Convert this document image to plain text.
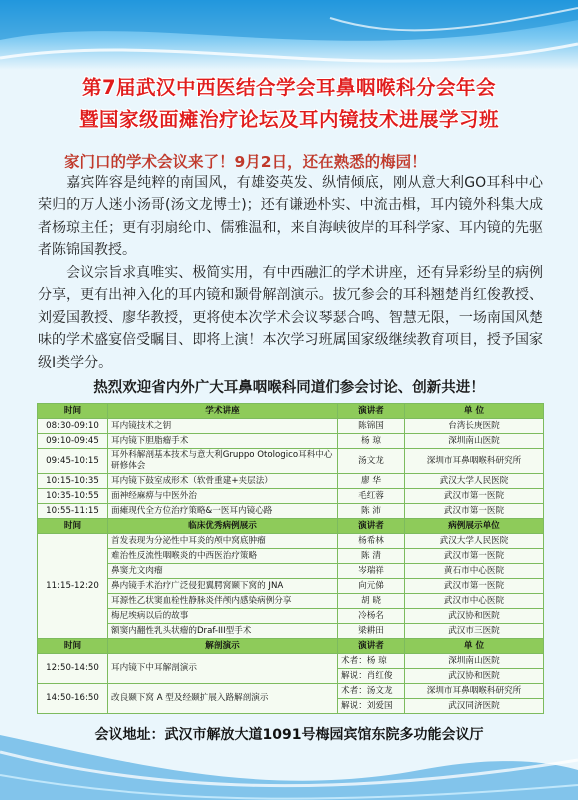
第7届武汉中西医结合学会耳鼻咽喉科分会年会
暨国家级面瘫治疗论坛及耳内镜技术进展学习班
家门口的学术会议来了！9月2日，还在熟悉的梅园！
嘉宾阵容是纯粹的南国风，有雄姿英发、纵情倾底，刚从意大利GO耳科中心荣归的万人迷小汤哥(汤文龙博士)；还有谦逊朴实、中流击楫，耳内镜外科集大成者杨琼主任；更有羽扇纶巾、儒雅温和，来自海峡彼岸的耳科学家、耳内镜的先驱者陈锦国教授。
会议宗旨求真唯实、极简实用，有中西融汇的学术讲座，还有异彩纷呈的病例分享，更有出神入化的耳内镜和颞骨解剖演示。拔冗参会的耳科翘楚肖红俊教授、刘爱国教授、廖华教授，更将使本次学术会议琴瑟合鸣、智慧无限，一场南国风楚味的学术盛宴倍受瞩目、即将上演！本次学习班属国家级继续教育项目，授予国家级Ⅰ类学分。
热烈欢迎省内外广大耳鼻咽喉科同道们参会讨论、创新共进！
时间	学术讲座	演讲者	单 位
08:30-09:10	耳内镜技术之钥	陈锦国	台湾长庚医院
09:10-09:45	耳内镜下胆脂瘤手术	杨 琼	深圳南山医院
09:45-10:15	耳外科解剖基本技术与意大利Gruppo Otologico耳科中心研修体会	汤文龙	深圳市耳鼻咽喉科研究所
10:15-10:35	耳内镜下鼓室成形术（软骨重建+夹层法）	廖 华	武汉大学人民医院
10:35-10:55	面神经麻痹与中医外治	毛红蓉	武汉市第一医院
10:55-11:15	面瘫现代全方位治疗策略&一医耳内镜心路	陈 沛	武汉市第一医院
时间	临床优秀病例展示	演讲者	病例展示单位
11:15-12:20	首发表现为分泌性中耳炎的颅中窝底肿瘤	杨希林	武汉大学人民医院
	难治性反流性咽喉炎的中西医治疗策略	陈 清	武汉市第一医院
	鼻窦尤文肉瘤	岑瑞祥	黄石市中心医院
	鼻内镜手术治疗广泛侵犯翼腭窝颞下窝的 JNA	向元俤	武汉市第一医院
	耳源性乙状窦血栓性静脉炎伴颅内感染病例分享	胡 晓	武汉市中心医院
	梅尼埃病以后的故事	冷杨名	武汉协和医院
	额窦内翻性乳头状瘤的Draf-III型手术	梁耕田	武汉市三医院
时间	解剖演示	演讲者	单 位
12:50-14:50	耳内镜下中耳解剖演示	术者：杨 琼	深圳南山医院
		解说：肖红俊	武汉协和医院
14:50-16:50	改良颞下窝 A 型及经颞扩展入路解剖演示	术者：汤文龙	深圳市耳鼻咽喉科研究所
		解说：刘爱国	武汉同济医院
会议地址：武汉市解放大道1091号梅园宾馆东院多功能会议厅
